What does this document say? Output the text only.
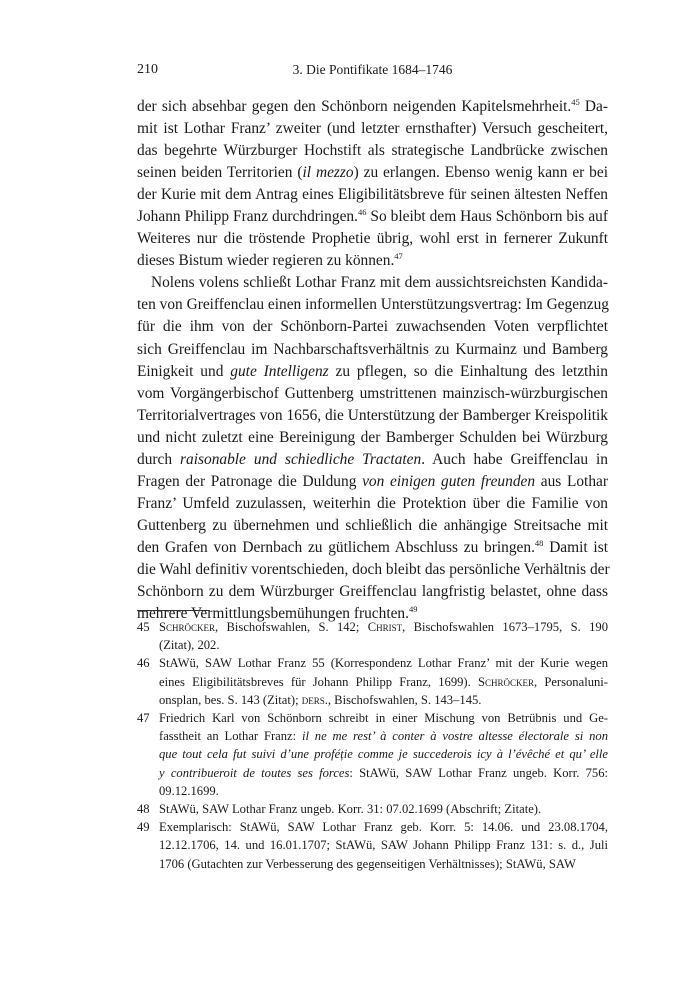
210	3. Die Pontifikate 1684–1746

der sich absehbar gegen den Schönborn neigenden Kapitelsmehrheit.$^{45}$ Da-
mit ist Lothar Franz’ zweiter (und letzter ernsthafter) Versuch gescheitert,
das begehrte Würzburger Hochstift als strategische Landbrücke zwischen
seinen beiden Territorien (il mezzo) zu erlangen. Ebenso wenig kann er bei
der Kurie mit dem Antrag eines Eligibilitätsbreve für seinen ältesten Neffen
Johann Philipp Franz durchdringen.$^{46}$ So bleibt dem Haus Schönborn bis auf
Weiteres nur die tröstende Prophetie übrig, wohl erst in fernerer Zukunft
dieses Bistum wieder regieren zu können.$^{47}$

Nolens volens schließt Lothar Franz mit dem aussichtsreichsten Kandida-
ten von Greiffenclau einen informellen Unterstützungsvertrag: Im Gegenzug
für die ihm von der Schönborn-Partei zuwachsenden Voten verpflichtet
sich Greiffenclau im Nachbarschaftsverhältnis zu Kurmainz und Bamberg
Einigkeit und gute Intelligenz zu pflegen, so die Einhaltung des letzthin
vom Vorgängerbischof Guttenberg umstrittenen mainzisch-würzburgischen
Territorialvertrages von 1656, die Unterstützung der Bamberger Kreispolitik
und nicht zuletzt eine Bereinigung der Bamberger Schulden bei Würzburg
durch raisonable und schiedliche Tractaten. Auch habe Greiffenclau in
Fragen der Patronage die Duldung von einigen guten freunden aus Lothar
Franz’ Umfeld zuzulassen, weiterhin die Protektion über die Familie von
Guttenberg zu übernehmen und schließlich die anhängige Streitsache mit
den Grafen von Dernbach zu gütlichem Abschluss zu bringen.$^{48}$ Damit ist
die Wahl definitiv vorentschieden, doch bleibt das persönliche Verhältnis der
Schönborn zu dem Würzburger Greiffenclau langfristig belastet, ohne dass
mehrere Vermittlungsbemühungen fruchten.$^{49}$

45 Schröcker, Bischofswahlen, S. 142; Christ, Bischofswahlen 1673–1795, S. 190
(Zitat), 202.
46 StAWü, SAW Lothar Franz 55 (Korrespondenz Lothar Franz’ mit der Kurie wegen
eines Eligibilitätsbreves für Johann Philipp Franz, 1699). Schröcker, Personaluni-
onsplan, bes. S. 143 (Zitat); ders., Bischofswahlen, S. 143–145.
47 Friedrich Karl von Schönborn schreibt in einer Mischung von Betrübnis und Ge-
fasstheit an Lothar Franz: il ne me rest’ à conter à vostre altesse électorale si non
que tout cela fut suivi d’une proféție comme je succederois icy à l’évêché et qu’ elle
y contribueroit de toutes ses forces: StAWü, SAW Lothar Franz ungeb. Korr. 756:
09.12.1699.
48 StAWü, SAW Lothar Franz ungeb. Korr. 31: 07.02.1699 (Abschrift; Zitate).
49 Exemplarisch: StAWü, SAW Lothar Franz geb. Korr. 5: 14.06. und 23.08.1704,
12.12.1706, 14. und 16.01.1707; StAWü, SAW Johann Philipp Franz 131: s. d., Juli
1706 (Gutachten zur Verbesserung des gegenseitigen Verhältnisses); StAWü, SAW
